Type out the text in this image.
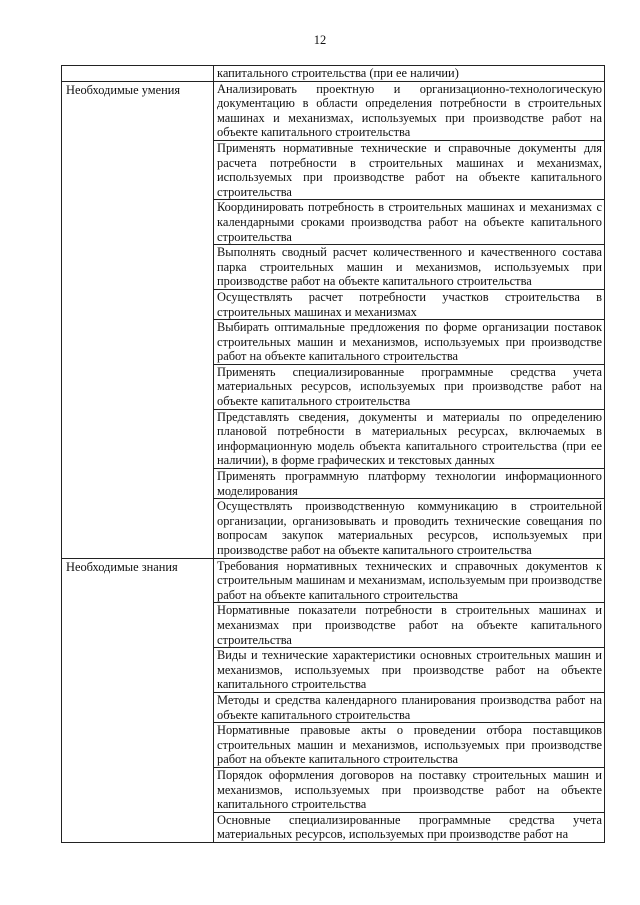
12
	капитального строительства (при ее наличии)
Необходимые умения	Анализировать проектную и организационно-технологическую документацию в области определения потребности в строительных машинах и механизмах, используемых при производстве работ на объекте капитального строительства
	Применять нормативные технические и справочные документы для расчета потребности в строительных машинах и механизмах, используемых при производстве работ на объекте капитального строительства
	Координировать потребность в строительных машинах и механизмах с календарными сроками производства работ на объекте капитального строительства
	Выполнять сводный расчет количественного и качественного состава парка строительных машин и механизмов, используемых при производстве работ на объекте капитального строительства
	Осуществлять расчет потребности участков строительства в строительных машинах и механизмах
	Выбирать оптимальные предложения по форме организации поставок строительных машин и механизмов, используемых при производстве работ на объекте капитального строительства
	Применять специализированные программные средства учета материальных ресурсов, используемых при производстве работ на объекте капитального строительства
	Представлять сведения, документы и материалы по определению плановой потребности в материальных ресурсах, включаемых в информационную модель объекта капитального строительства (при ее наличии), в форме графических и текстовых данных
	Применять программную платформу технологии информационного моделирования
	Осуществлять производственную коммуникацию в строительной организации, организовывать и проводить технические совещания по вопросам закупок материальных ресурсов, используемых при производстве работ на объекте капитального строительства
Необходимые знания	Требования нормативных технических и справочных документов к строительным машинам и механизмам, используемым при производстве работ на объекте капитального строительства
	Нормативные показатели потребности в строительных машинах и механизмах при производстве работ на объекте капитального строительства
	Виды и технические характеристики основных строительных машин и механизмов, используемых при производстве работ на объекте капитального строительства
	Методы и средства календарного планирования производства работ на объекте капитального строительства
	Нормативные правовые акты о проведении отбора поставщиков строительных машин и механизмов, используемых при производстве работ на объекте капитального строительства
	Порядок оформления договоров на поставку строительных машин и механизмов, используемых при производстве работ на объекте капитального строительства
	Основные специализированные программные средства учета материальных ресурсов, используемых при производстве работ на
